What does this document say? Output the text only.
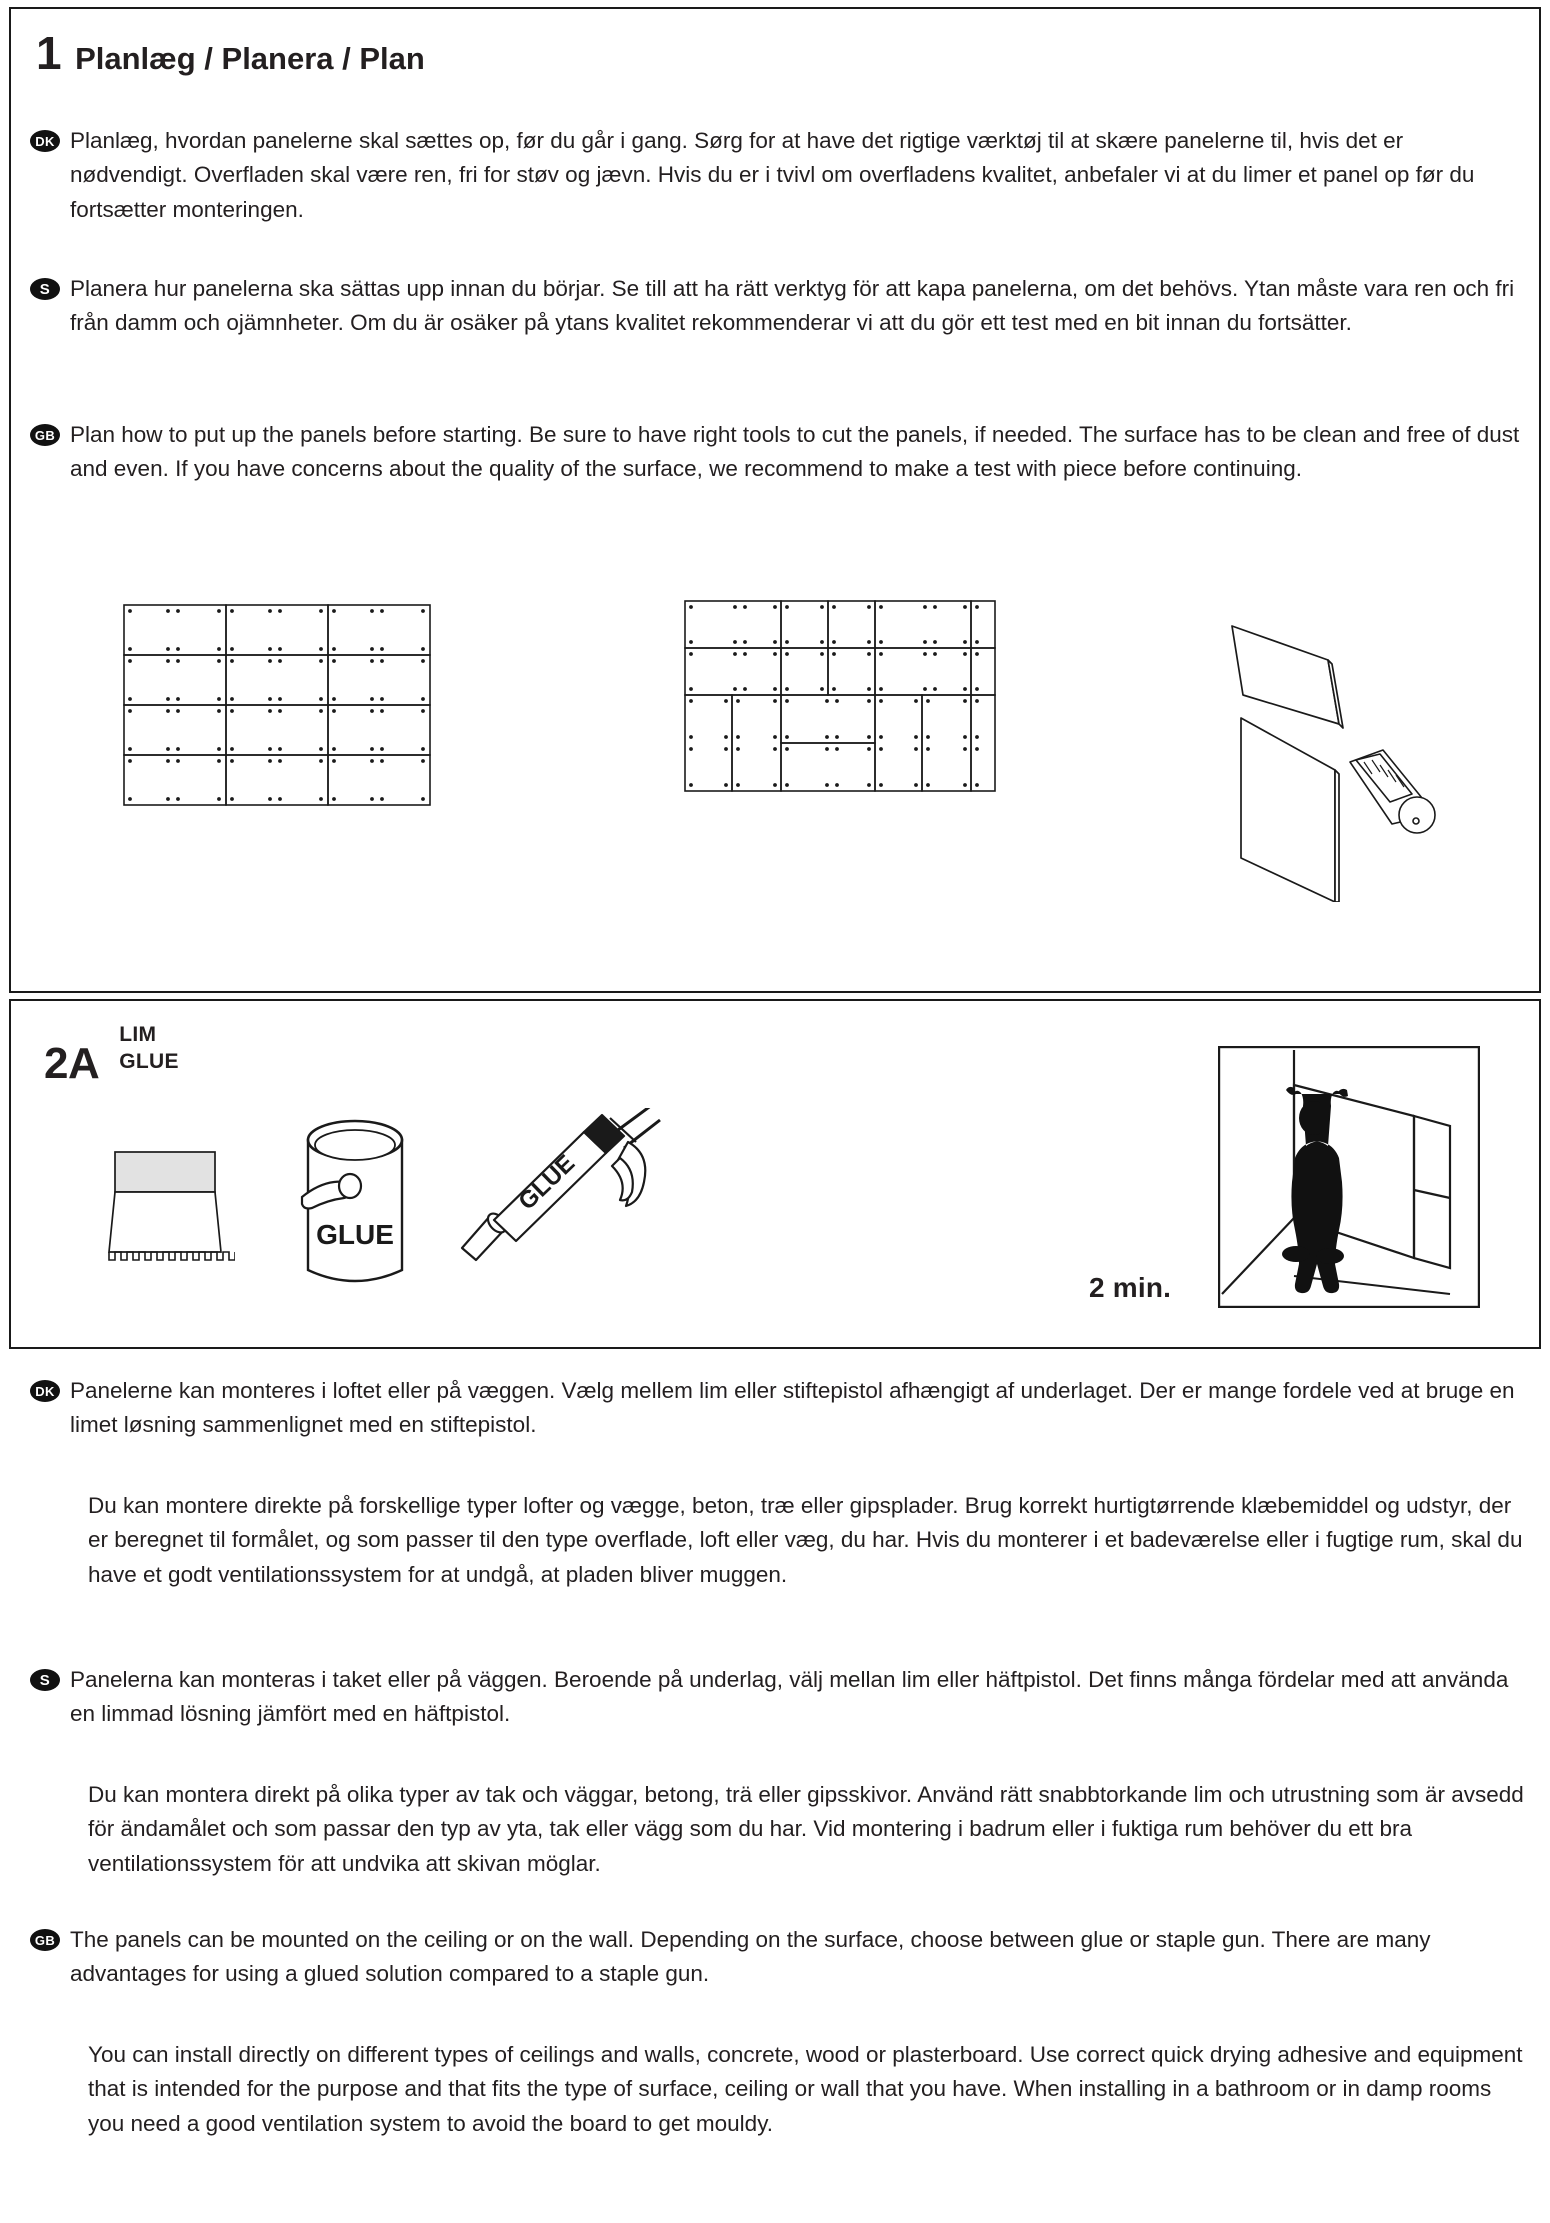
1 Planlæg / Planera / Plan
DK Planlæg, hvordan panelerne skal sættes op, før du går i gang. Sørg for at have det rigtige værktøj til at skære panelerne til, hvis det er nødvendigt. Overfladen skal være ren, fri for støv og jævn. Hvis du er i tvivl om overfladens kvalitet, anbefaler vi at du limer et panel op før du fortsætter monteringen.

S Planera hur panelerna ska sättas upp innan du börjar. Se till att ha rätt verktyg för att kapa panelerna, om det behövs. Ytan måste vara ren och fri från damm och ojämnheter. Om du är osäker på ytans kvalitet rekommenderar vi att du gör ett test med en bit innan du fortsätter.

GB Plan how to put up the panels before starting. Be sure to have right tools to cut the panels, if needed. The surface has to be clean and free of dust and even. If you have concerns about the quality of the surface, we recommend to make a test with piece before continuing.

2A
LIM
GLUE
GLUE
GLUE
2 min.
DK Panelerne kan monteres i loftet eller på væggen. Vælg mellem lim eller stiftepistol afhængigt af underlaget. Der er mange fordele ved at bruge en limet løsning sammenlignet med en stiftepistol.

Du kan montere direkte på forskellige typer lofter og vægge, beton, træ eller gipsplader. Brug korrekt hurtigtørrende klæbemiddel og udstyr, der er beregnet til formålet, og som passer til den type overflade, loft eller væg, du har. Hvis du monterer i et badeværelse eller i fugtige rum, skal du have et godt ventilationssystem for at undgå, at pladen bliver muggen.
S Panelerna kan monteras i taket eller på väggen. Beroende på underlag, välj mellan lim eller häftpistol. Det finns många fördelar med att använda en limmad lösning jämfört med en häftpistol.

Du kan montera direkt på olika typer av tak och väggar, betong, trä eller gipsskivor. Använd rätt snabbtorkande lim och utrustning som är avsedd för ändamålet och som passar den typ av yta, tak eller vägg som du har. Vid montering i badrum eller i fuktiga rum behöver du ett bra ventilationssystem för att undvika att skivan möglar.
GB The panels can be mounted on the ceiling or on the wall. Depending on the surface, choose between glue or staple gun. There are many advantages for using a glued solution compared to a staple gun.

You can install directly on different types of ceilings and walls, concrete, wood or plasterboard. Use correct quick drying adhesive and equipment that is intended for the purpose and that fits the type of surface, ceiling or wall that you have. When installing in a bathroom or in damp rooms you need a good ventilation system to avoid the board to get mouldy.
